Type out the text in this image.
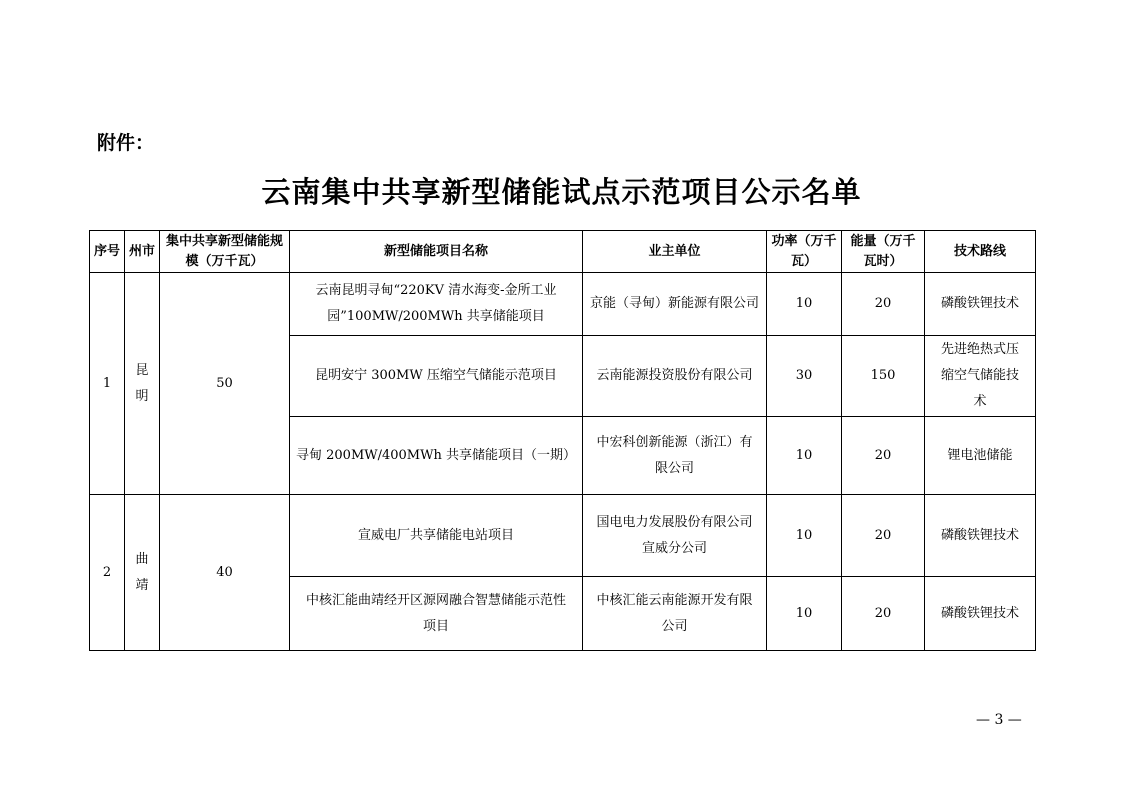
附件：
云南集中共享新型储能试点示范项目公示名单
序号	州市	集中共享新型储能规模（万千瓦）	新型储能项目名称	业主单位	功率（万千瓦）	能量（万千瓦时）	技术路线
1	昆明	50	云南昆明寻甸“220KV 清水海变-金所工业园”100MW/200MWh 共享储能项目	京能（寻甸）新能源有限公司	10	20	磷酸铁锂技术
			昆明安宁 300MW 压缩空气储能示范项目	云南能源投资股份有限公司	30	150	先进绝热式压缩空气储能技术
			寻甸 200MW/400MWh 共享储能项目（一期）	中宏科创新能源（浙江）有限公司	10	20	锂电池储能
2	曲靖	40	宣威电厂共享储能电站项目	国电电力发展股份有限公司宣威分公司	10	20	磷酸铁锂技术
			中核汇能曲靖经开区源网融合智慧储能示范性项目	中核汇能云南能源开发有限公司	10	20	磷酸铁锂技术
— 3 —
